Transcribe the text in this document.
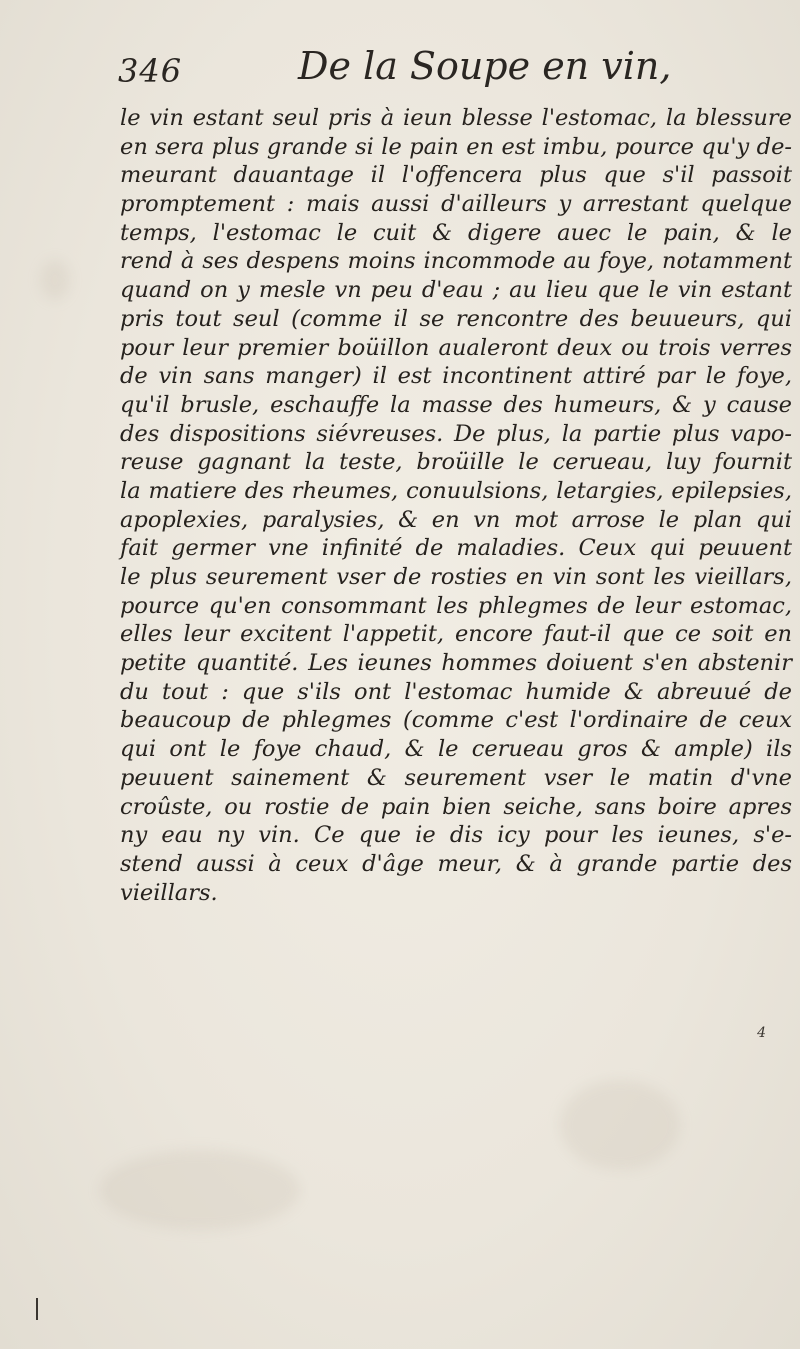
346	De la Soupe en vin,
le vin estant seul pris à ieun blesse l'estomac, la blessure
en sera plus grande si le pain en est imbu, pource qu'y de-
meurant dauantage il l'offencera plus que s'il passoit
promptement : mais aussi d'ailleurs y arrestant quelque
temps, l'estomac le cuit & digere auec le pain, & le
rend à ses despens moins incommode au foye, notamment
quand on y mesle vn peu d'eau ; au lieu que le vin estant
pris tout seul (comme il se rencontre des beuueurs, qui
pour leur premier boüillon aualeront deux ou trois verres
de vin sans manger) il est incontinent attiré par le foye,
qu'il brusle, eschauffe la masse des humeurs, & y cause
des dispositions siévreuses. De plus, la partie plus vapo-
reuse gagnant la teste, broüille le cerueau, luy fournit
la matiere des rheumes, conuulsions, letargies, epilepsies,
apoplexies, paralysies, & en vn mot arrose le plan qui
fait germer vne infinité de maladies. Ceux qui peuuent
le plus seurement vser de rosties en vin sont les vieillars,
pource qu'en consommant les phlegmes de leur estomac,
elles leur excitent l'appetit, encore faut-il que ce soit en
petite quantité. Les ieunes hommes doiuent s'en abstenir
du tout : que s'ils ont l'estomac humide & abreuué de
beaucoup de phlegmes (comme c'est l'ordinaire de ceux
qui ont le foye chaud, & le cerueau gros & ample) ils
peuuent sainement & seurement vser le matin d'vne
croûste, ou rostie de pain bien seiche, sans boire apres
ny eau ny vin. Ce que ie dis icy pour les ieunes, s'e-
stend aussi à ceux d'âge meur, & à grande partie des
vieillars.
4
